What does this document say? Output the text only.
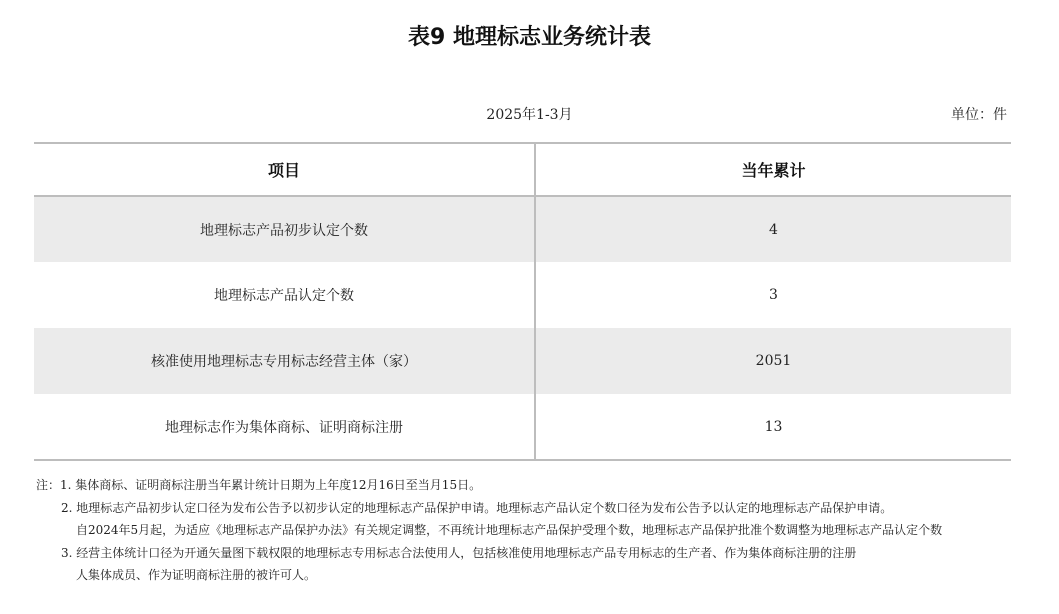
表9 地理标志业务统计表
2025年1-3月	单位：件
项目	当年累计
地理标志产品初步认定个数	4
地理标志产品认定个数	3
核准使用地理标志专用标志经营主体（家）	2051
地理标志作为集体商标、证明商标注册	13
注：1. 集体商标、证明商标注册当年累计统计日期为上年度12月16日至当月15日。
2. 地理标志产品初步认定口径为发布公告予以初步认定的地理标志产品保护申请。地理标志产品认定个数口径为发布公告予以认定的地理标志产品保护申请。
自2024年5月起，为适应《地理标志产品保护办法》有关规定调整，不再统计地理标志产品保护受理个数，地理标志产品保护批准个数调整为地理标志产品认定个数
3. 经营主体统计口径为开通矢量图下载权限的地理标志专用标志合法使用人，包括核准使用地理标志产品专用标志的生产者、作为集体商标注册的注册
人集体成员、作为证明商标注册的被许可人。
